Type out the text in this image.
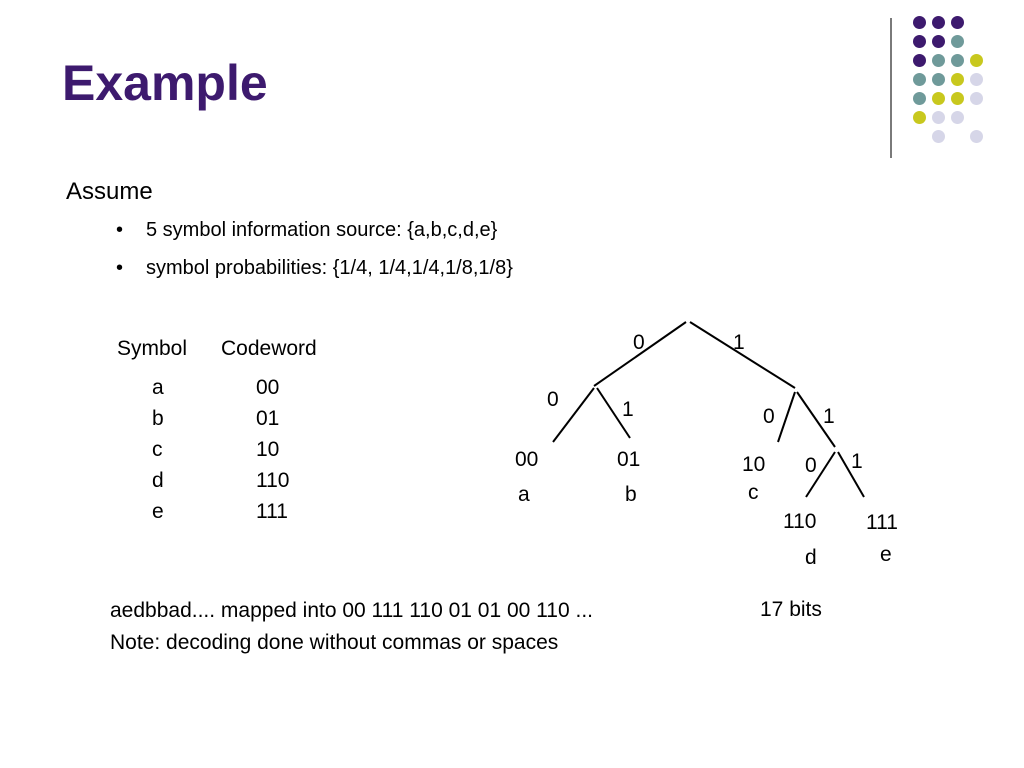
Example
Assume
• 5 symbol information source: {a,b,c,d,e}
• symbol probabilities: {1/4, 1/4,1/4,1/8,1/8}
Symbol Codeword
a	00
b	01
c	10
d	110
e	111
0	1
0	1	0 1
0 1
00
a
01
b
10
c
110
d
111
e
aedbbad.... mapped into 00 111 110 01 01 00 110 ...
Note: decoding done without commas or spaces
17 bits
